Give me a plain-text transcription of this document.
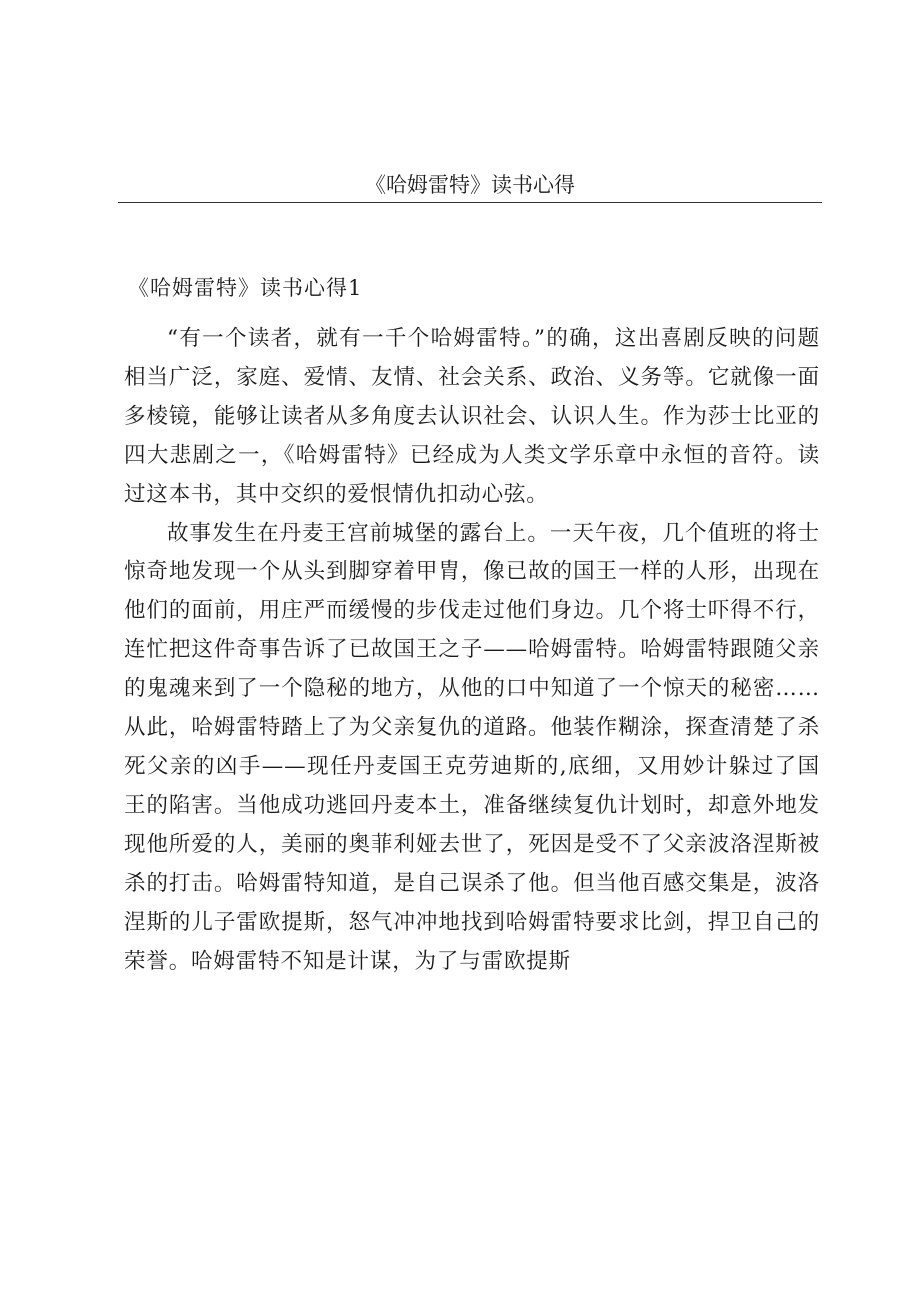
《哈姆雷特》读书心得
《哈姆雷特》读书心得1

“有一个读者，就有一千个哈姆雷特。”的确，这出喜剧反映的问题相当广泛，家庭、爱情、友情、社会关系、政治、义务等。它就像一面多棱镜，能够让读者从多角度去认识社会、认识人生。作为莎士比亚的四大悲剧之一，《哈姆雷特》已经成为人类文学乐章中永恒的音符。读过这本书，其中交织的爱恨情仇扣动心弦。

故事发生在丹麦王宫前城堡的露台上。一天午夜，几个值班的将士惊奇地发现一个从头到脚穿着甲胄，像已故的国王一样的人形，出现在他们的面前，用庄严而缓慢的步伐走过他们身边。几个将士吓得不行，连忙把这件奇事告诉了已故国王之子——哈姆雷特。哈姆雷特跟随父亲的鬼魂来到了一个隐秘的地方，从他的口中知道了一个惊天的秘密……从此，哈姆雷特踏上了为父亲复仇的道路。他装作糊涂，探查清楚了杀死父亲的凶手——现任丹麦国王克劳迪斯的,底细，又用妙计躲过了国王的陷害。当他成功逃回丹麦本土，准备继续复仇计划时，却意外地发现他所爱的人，美丽的奥菲利娅去世了，死因是受不了父亲波洛涅斯被杀的打击。哈姆雷特知道，是自己误杀了他。但当他百感交集是，波洛涅斯的儿子雷欧提斯，怒气冲冲地找到哈姆雷特要求比剑，捍卫自己的荣誉。哈姆雷特不知是计谋，为了与雷欧提斯
